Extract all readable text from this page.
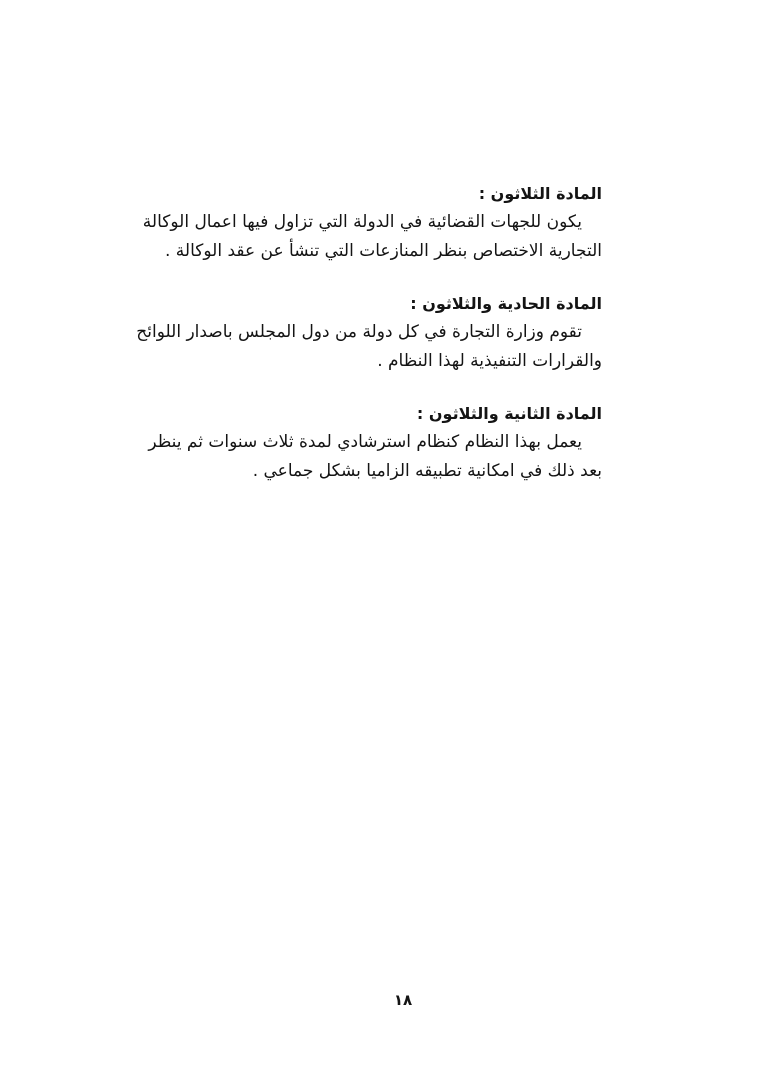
المادة الثلاثون :
يكون للجهات القضائية في الدولة التي تزاول فيها اعمال الوكالة
التجارية الاختصاص بنظر المنازعات التي تنشأ عن عقد الوكالة .
المادة الحادية والثلاثون :
تقوم وزارة التجارة في كل دولة من دول المجلس باصدار اللوائح
والقرارات التنفيذية لهذا النظام .
المادة الثانية والثلاثون :
يعمل بهذا النظام كنظام استرشادي لمدة ثلاث سنوات ثم ينظر
بعد ذلك في امكانية تطبيقه الزاميا بشكل جماعي .
١٨
